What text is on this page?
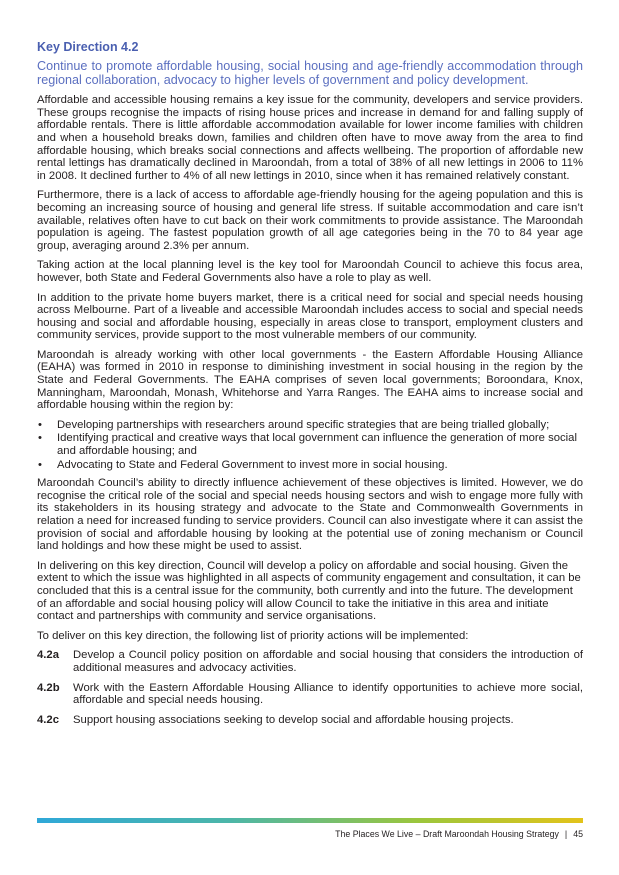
Key Direction 4.2
Continue to promote affordable housing, social housing and age-friendly accommodation through regional collaboration, advocacy to higher levels of government and policy development.

Affordable and accessible housing remains a key issue for the community, developers and service providers. These groups recognise the impacts of rising house prices and increase in demand for and falling supply of affordable rentals. There is little affordable accommodation available for lower income families with children and when a household breaks down, families and children often have to move away from the area to find affordable housing, which breaks social connections and affects wellbeing. The proportion of affordable new rental lettings has dramatically declined in Maroondah, from a total of 38% of all new lettings in 2006 to 11% in 2008. It declined further to 4% of all new lettings in 2010, since when it has remained relatively constant.

Furthermore, there is a lack of access to affordable age-friendly housing for the ageing population and this is becoming an increasing source of housing and general life stress. If suitable accommodation and care isn’t available, relatives often have to cut back on their work commitments to provide assistance. The Maroondah population is ageing. The fastest population growth of all age categories being in the 70 to 84 year age group, averaging around 2.3% per annum.

Taking action at the local planning level is the key tool for Maroondah Council to achieve this focus area, however, both State and Federal Governments also have a role to play as well.

In addition to the private home buyers market, there is a critical need for social and special needs housing across Melbourne. Part of a liveable and accessible Maroondah includes access to social and special needs housing and social and affordable housing, especially in areas close to transport, employment clusters and community services, provide support to the most vulnerable members of our community.

Maroondah is already working with other local governments - the Eastern Affordable Housing Alliance (EAHA) was formed in 2010 in response to diminishing investment in social housing in the region by the State and Federal Governments. The EAHA comprises of seven local governments; Boroondara, Knox, Manningham, Maroondah, Monash, Whitehorse and Yarra Ranges. The EAHA aims to increase social and affordable housing within the region by:

• Developing partnerships with researchers around specific strategies that are being trialled globally;
• Identifying practical and creative ways that local government can influence the generation of more social and affordable housing; and
• Advocating to State and Federal Government to invest more in social housing.

Maroondah Council’s ability to directly influence achievement of these objectives is limited. However, we do recognise the critical role of the social and special needs housing sectors and wish to engage more fully with its stakeholders in its housing strategy and advocate to the State and Commonwealth Governments in relation a need for increased funding to service providers. Council can also investigate where it can assist the provision of social and affordable housing by looking at the potential use of zoning mechanism or Council land holdings and how these might be used to assist.

In delivering on this key direction, Council will develop a policy on affordable and social housing. Given the extent to which the issue was highlighted in all aspects of community engagement and consultation, it can be concluded that this is a central issue for the community, both currently and into the future. The development of an affordable and social housing policy will allow Council to take the initiative in this area and initiate contact and partnerships with community and service organisations.

To deliver on this key direction, the following list of priority actions will be implemented:

4.2a	Develop a Council policy position on affordable and social housing that considers the introduction of additional measures and advocacy activities.
4.2b	Work with the Eastern Affordable Housing Alliance to identify opportunities to achieve more social, affordable and special needs housing.
4.2c	Support housing associations seeking to develop social and affordable housing projects.
The Places We Live – Draft Maroondah Housing Strategy | 45
